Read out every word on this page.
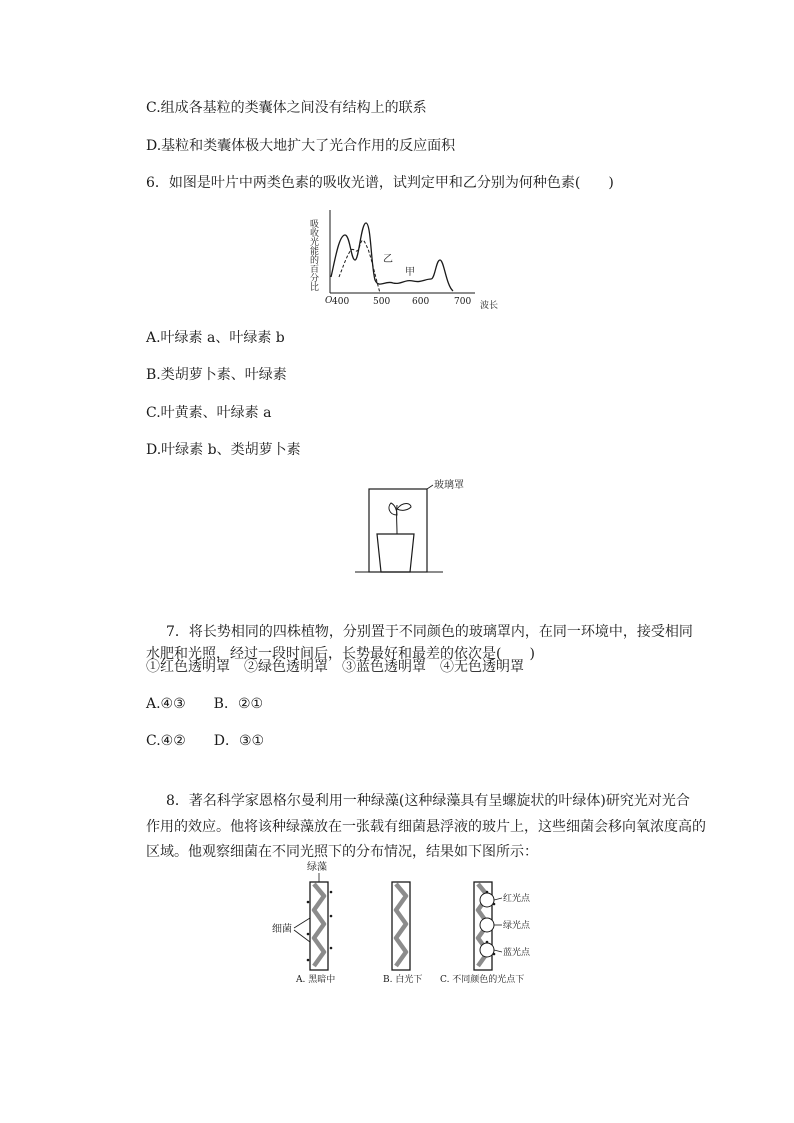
C.组成各基粒的类囊体之间没有结构上的联系
D.基粒和类囊体极大地扩大了光合作用的反应面积
6．如图是叶片中两类色素的吸收光谱，试判定甲和乙分别为何种色素(　　)
吸收光能的百分比
O 400	500 600	700 波长
乙
甲
A.叶绿素 a、叶绿素 b
B.类胡萝卜素、叶绿素
C.叶黄素、叶绿素 a
D.叶绿素 b、类胡萝卜素
玻璃罩
7．将长势相同的四株植物，分别置于不同颜色的玻璃罩内，在同一环境中，接受相同
①红色透明罩　②绿色透明罩　③蓝色透明罩　④无色透明罩
A.④③　　B．②①
C.④②　　D．③①
8．著名科学家恩格尔曼利用一种绿藻(这种绿藻具有呈螺旋状的叶绿体)研究光对光合
作用的效应。他将该种绿藻放在一张载有细菌悬浮液的玻片上，这些细菌会移向氧浓度高的
区域。他观察细菌在不同光照下的分布情况，结果如下图所示：
绿藻
细菌
A. 黑暗中	B. 白光下
红光点
绿光点
蓝光点
C. 不同颜色的光点下
水肥和光照，经过一段时间后，长势最好和最差的依次是(　　)
